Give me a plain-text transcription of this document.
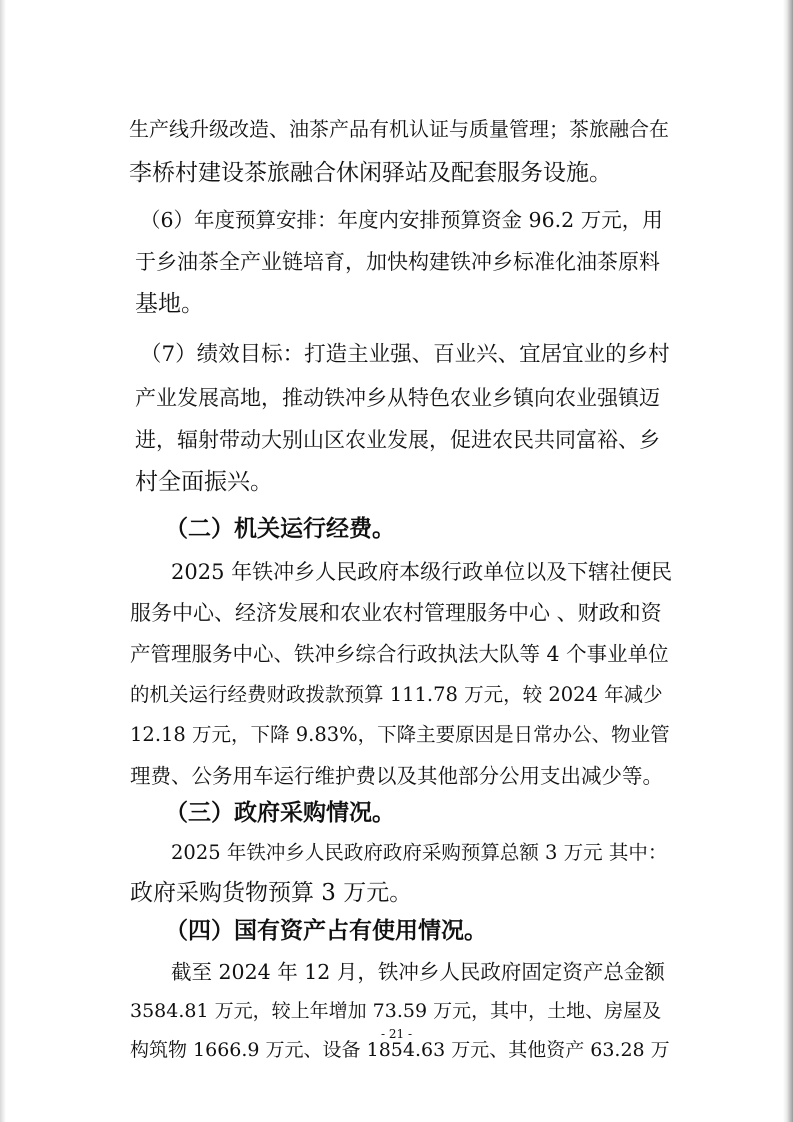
生产线升级改造、油茶产品有机认证与质量管理；茶旅融合在
李桥村建设茶旅融合休闲驿站及配套服务设施。
（6）年度预算安排：年度内安排预算资金 96.2 万元，用
于乡油茶全产业链培育，加快构建铁冲乡标准化油茶原料
基地。
（7）绩效目标：打造主业强、百业兴、宜居宜业的乡村
产业发展高地，推动铁冲乡从特色农业乡镇向农业强镇迈
进，辐射带动大别山区农业发展，促进农民共同富裕、乡
村全面振兴。
（二）机关运行经费。
2025 年铁冲乡人民政府本级行政单位以及下辖社便民
服务中心、经济发展和农业农村管理服务中心 、财政和资
产管理服务中心、铁冲乡综合行政执法大队等 4 个事业单位
的机关运行经费财政拨款预算 111.78 万元，较 2024 年减少
12.18 万元，下降 9.83%，下降主要原因是日常办公、物业管
理费、公务用车运行维护费以及其他部分公用支出减少等。
（三）政府采购情况。
2025 年铁冲乡人民政府政府采购预算总额 3 万元 其中：
政府采购货物预算 3 万元。
（四）国有资产占有使用情况。
截至 2024 年 12 月，铁冲乡人民政府固定资产总金额
3584.81 万元，较上年增加 73.59 万元，其中，土地、房屋及
构筑物 1666.9 万元、设备 1854.63 万元、其他资产 63.28 万
- 21 -
